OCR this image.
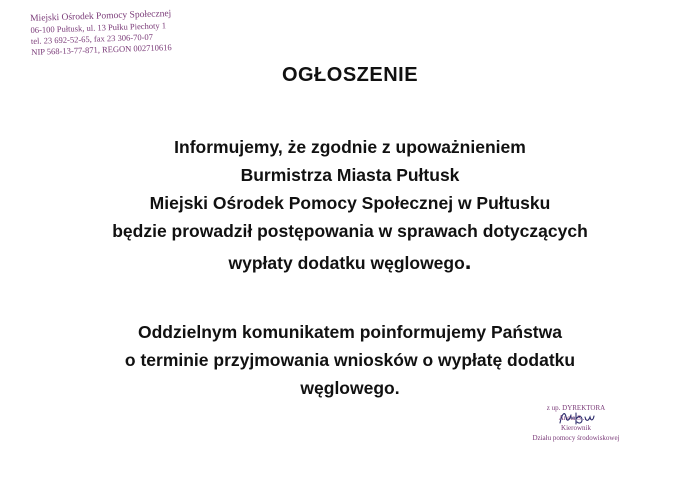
Miejski Ośrodek Pomocy Społecznej
06-100 Pułtusk, ul. 13 Pułku Piechoty 1
tel. 23 692-52-65, fax 23 306-70-07
NIP 568-13-77-871, REGON 002710616
OGŁOSZENIE
Informujemy, że zgodnie z upoważnieniem
Burmistrza Miasta Pułtusk
Miejski Ośrodek Pomocy Społecznej w Pułtusku
będzie prowadził postępowania w sprawach dotyczących
wypłaty dodatku węglowego.
Oddzielnym komunikatem poinformujemy Państwa
o terminie przyjmowania wniosków o wypłatę dodatku
węglowego.
z up. DYREKTORA
Aneta S... ...
Kierownik
Działu pomocy środowiskowej
